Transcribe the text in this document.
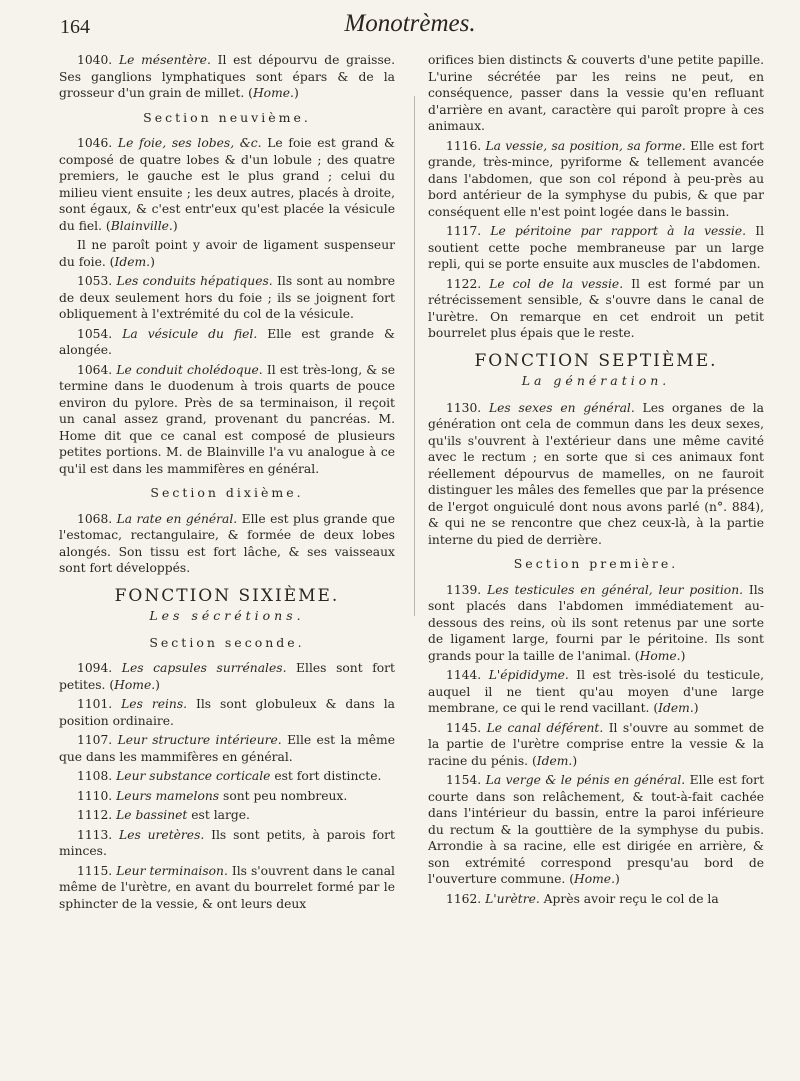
164	Monotrèmes.

1040. Le mésentère. Il est dépourvu de graisse. Ses ganglions lymphatiques sont épars & de la grosseur d'un grain de millet. (Home.)

Section neuvième.

1046. Le foie, ses lobes, &c. Le foie est grand & composé de quatre lobes & d'un lobule ; des quatre premiers, le gauche est le plus grand ; celui du milieu vient ensuite ; les deux autres, placés à droite, sont égaux, & c'est entr'eux qu'est placée la vésicule du fiel. (Blainville.)

Il ne paroît point y avoir de ligament suspenseur du foie. (Idem.)

1053. Les conduits hépatiques. Ils sont au nombre de deux seulement hors du foie ; ils se joignent fort obliquement à l'extrémité du col de la vésicule.

1054. La vésicule du fiel. Elle est grande & alongée.

1064. Le conduit cholédoque. Il est très-long, & se termine dans le duodenum à trois quarts de pouce environ du pylore. Près de sa terminaison, il reçoit un canal assez grand, provenant du pancréas. M. Home dit que ce canal est composé de plusieurs petites portions. M. de Blainville l'a vu analogue à ce qu'il est dans les mammifères en général.

Section dixième.

1068. La rate en général. Elle est plus grande que l'estomac, rectangulaire, & formée de deux lobes alongés. Son tissu est fort lâche, & ses vaisseaux sont fort développés.

FONCTION SIXIÈME.
Les sécrétions.
Section seconde.

1094. Les capsules surrénales. Elles sont fort petites. (Home.)

1101. Les reins. Ils sont globuleux & dans la position ordinaire.

1107. Leur structure intérieure. Elle est la même que dans les mammifères en général.

1108. Leur substance corticale est fort distincte.

1110. Leurs mamelons sont peu nombreux.

1112. Le bassinet est large.

1113. Les uretères. Ils sont petits, à parois fort minces.

1115. Leur terminaison. Ils s'ouvrent dans le canal même de l'urètre, en avant du bourrelet formé par le sphincter de la vessie, & ont leurs deux

orifices bien distincts & couverts d'une petite papille. L'urine sécrétée par les reins ne peut, en conséquence, passer dans la vessie qu'en refluant d'arrière en avant, caractère qui paroît propre à ces animaux.

1116. La vessie, sa position, sa forme. Elle est fort grande, très-mince, pyriforme & tellement avancée dans l'abdomen, que son col répond à peu-près au bord antérieur de la symphyse du pubis, & que par conséquent elle n'est point logée dans le bassin.

1117. Le péritoine par rapport à la vessie. Il soutient cette poche membraneuse par un large repli, qui se porte ensuite aux muscles de l'abdomen.

1122. Le col de la vessie. Il est formé par un rétrécissement sensible, & s'ouvre dans le canal de l'urètre. On remarque en cet endroit un petit bourrelet plus épais que le reste.

FONCTION SEPTIÈME.
La génération.

1130. Les sexes en général. Les organes de la génération ont cela de commun dans les deux sexes, qu'ils s'ouvrent à l'extérieur dans une même cavité avec le rectum ; en sorte que si ces animaux font réellement dépourvus de mamelles, on ne fauroit distinguer les mâles des femelles que par la présence de l'ergot onguiculé dont nous avons parlé (n°. 884), & qui ne se rencontre que chez ceux-là, à la partie interne du pied de derrière.

Section première.

1139. Les testicules en général, leur position. Ils sont placés dans l'abdomen immédiatement au-dessous des reins, où ils sont retenus par une sorte de ligament large, fourni par le péritoine. Ils sont grands pour la taille de l'animal. (Home.)

1144. L'épididyme. Il est très-isolé du testicule, auquel il ne tient qu'au moyen d'une large membrane, ce qui le rend vacillant. (Idem.)

1145. Le canal déférent. Il s'ouvre au sommet de la partie de l'urètre comprise entre la vessie & la racine du pénis. (Idem.)

1154. La verge & le pénis en général. Elle est fort courte dans son relâchement, & tout-à-fait cachée dans l'intérieur du bassin, entre la paroi inférieure du rectum & la gouttière de la symphyse du pubis. Arrondie à sa racine, elle est dirigée en arrière, & son extrémité correspond presqu'au bord de l'ouverture commune. (Home.)

1162. L'urètre. Après avoir reçu le col de la
